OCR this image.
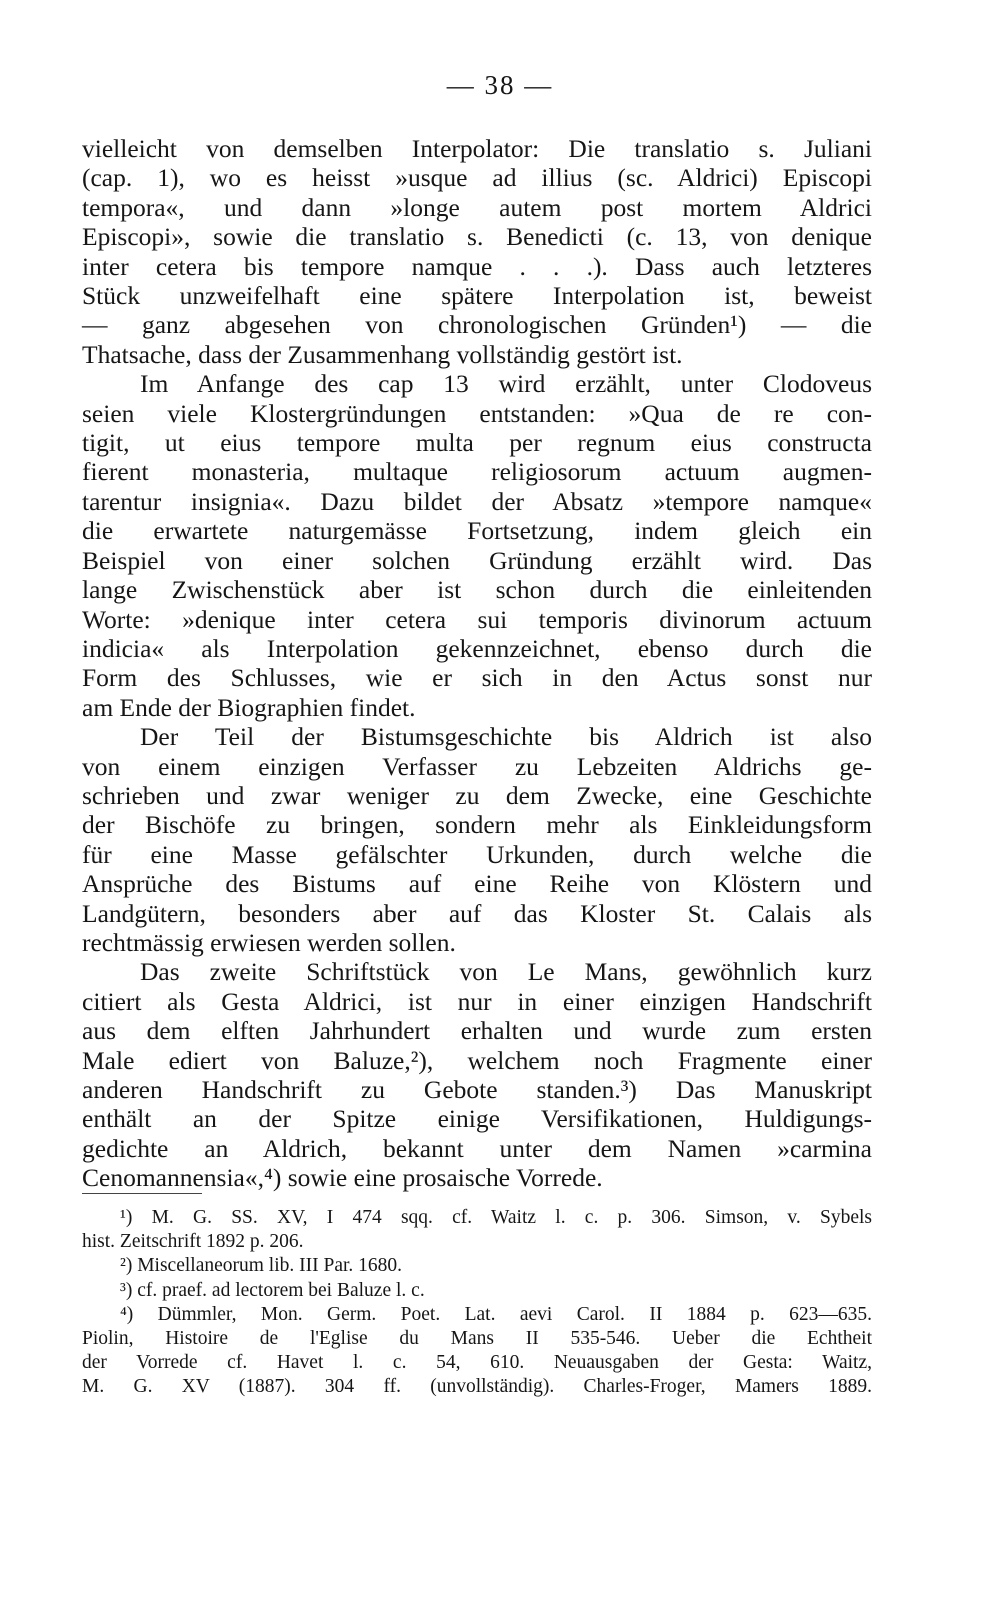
— 38 —
vielleicht von demselben Interpolator: Die translatio s. Juliani
(cap. 1), wo es heisst »usque ad illius (sc. Aldrici) Episcopi
tempora«, und dann »longe autem post mortem Aldrici
Episcopi», sowie die translatio s. Benedicti (c. 13, von denique
inter cetera bis tempore namque . . .). Dass auch letzteres
Stück unzweifelhaft eine spätere Interpolation ist, beweist
— ganz abgesehen von chronologischen Gründen¹) — die
Thatsache, dass der Zusammenhang vollständig gestört ist.
Im Anfange des cap 13 wird erzählt, unter Clodoveus
seien viele Klostergründungen entstanden: »Qua de re con-
tigit, ut eius tempore multa per regnum eius constructa
fierent monasteria, multaque religiosorum actuum augmen-
tarentur insignia«. Dazu bildet der Absatz »tempore namque«
die erwartete naturgemässe Fortsetzung, indem gleich ein
Beispiel von einer solchen Gründung erzählt wird. Das
lange Zwischenstück aber ist schon durch die einleitenden
Worte: »denique inter cetera sui temporis divinorum actuum
indicia« als Interpolation gekennzeichnet, ebenso durch die
Form des Schlusses, wie er sich in den Actus sonst nur
am Ende der Biographien findet.
Der Teil der Bistumsgeschichte bis Aldrich ist also
von einem einzigen Verfasser zu Lebzeiten Aldrichs ge-
schrieben und zwar weniger zu dem Zwecke, eine Geschichte
der Bischöfe zu bringen, sondern mehr als Einkleidungsform
für eine Masse gefälschter Urkunden, durch welche die
Ansprüche des Bistums auf eine Reihe von Klöstern und
Landgütern, besonders aber auf das Kloster St. Calais als
rechtmässig erwiesen werden sollen.
Das zweite Schriftstück von Le Mans, gewöhnlich kurz
citiert als Gesta Aldrici, ist nur in einer einzigen Handschrift
aus dem elften Jahrhundert erhalten und wurde zum ersten
Male ediert von Baluze,²), welchem noch Fragmente einer
anderen Handschrift zu Gebote standen.³) Das Manuskript
enthält an der Spitze einige Versifikationen, Huldigungs-
gedichte an Aldrich, bekannt unter dem Namen »carmina
Cenomannensia«,⁴) sowie eine prosaische Vorrede.
¹) M. G. SS. XV, I 474 sqq. cf. Waitz l. c. p. 306. Simson, v. Sybels
hist. Zeitschrift 1892 p. 206.
²) Miscellaneorum lib. III Par. 1680.
³) cf. praef. ad lectorem bei Baluze l. c.
⁴) Dümmler, Mon. Germ. Poet. Lat. aevi Carol. II 1884 p. 623—635.
Piolin, Histoire de l'Eglise du Mans II 535-546. Ueber die Echtheit
der Vorrede cf. Havet l. c. 54, 610. Neuausgaben der Gesta: Waitz,
M. G. XV (1887). 304 ff. (unvollständig). Charles-Froger, Mamers 1889.
